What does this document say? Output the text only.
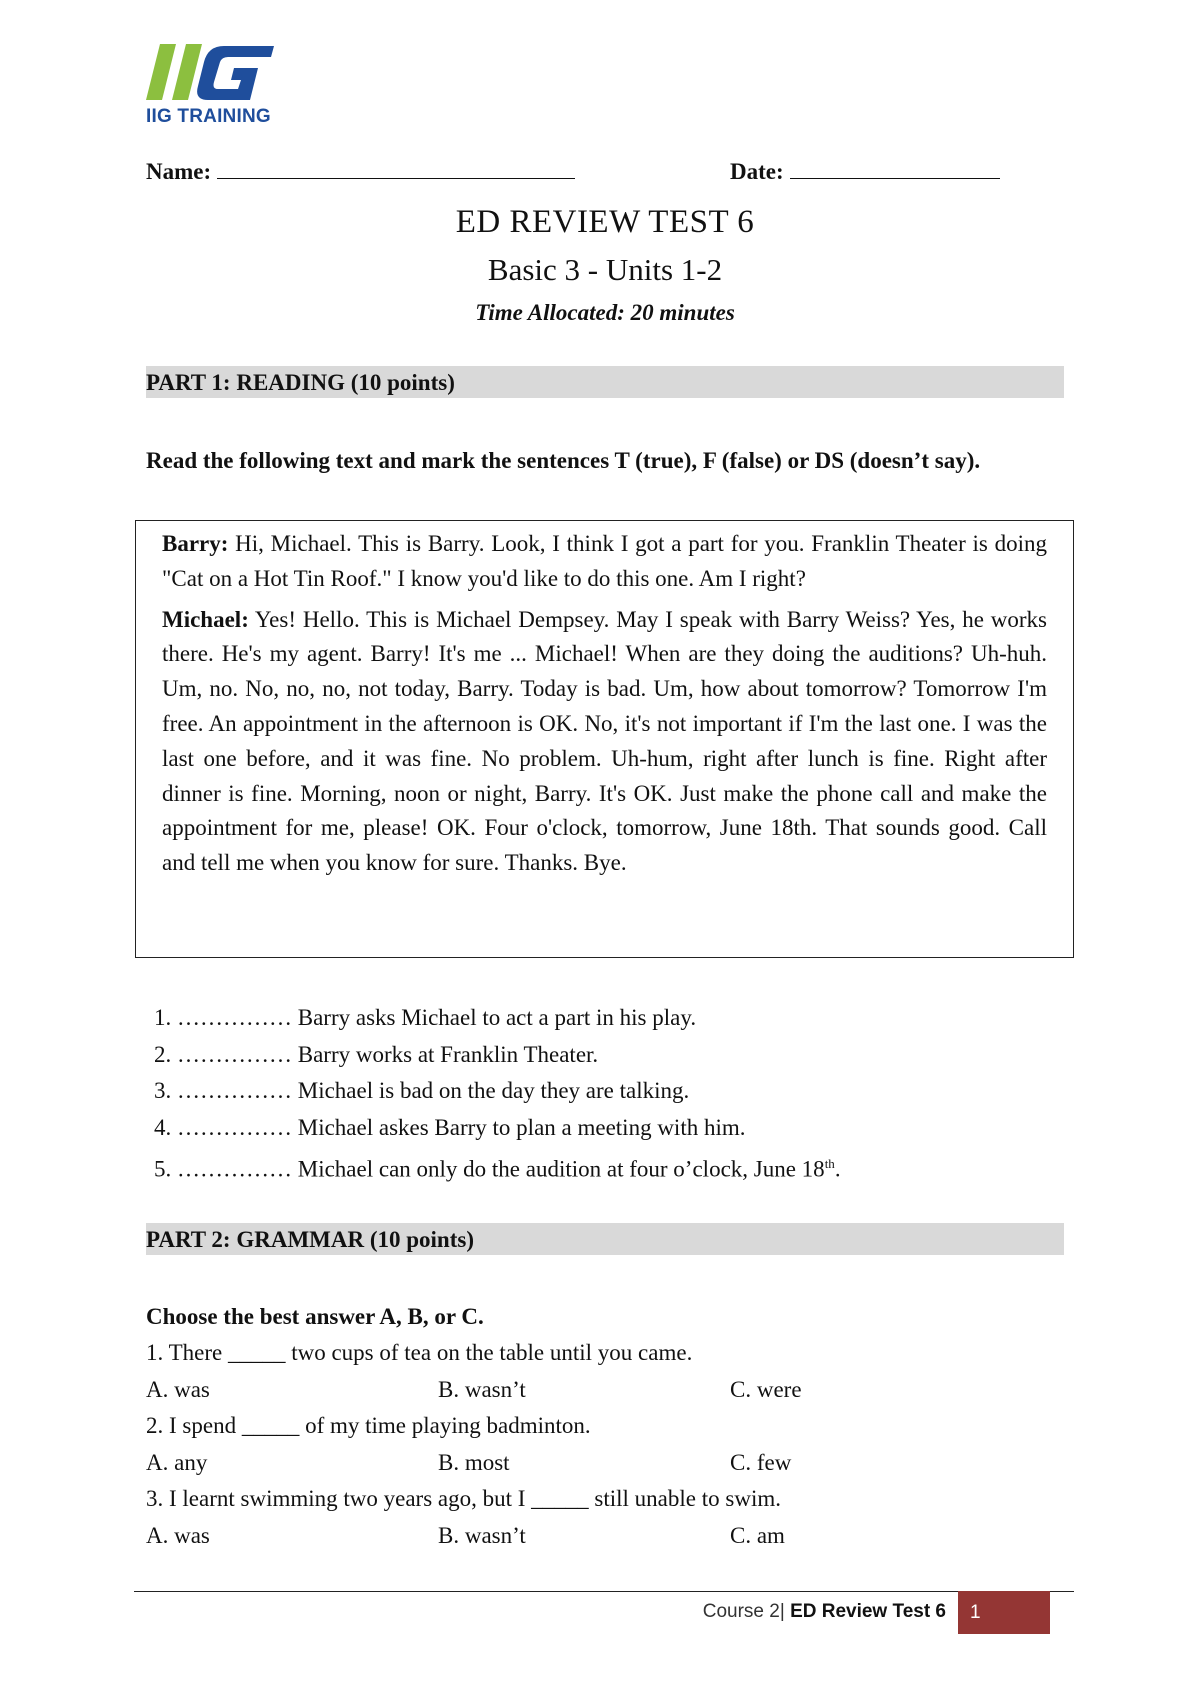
IIG TRAINING
Name:	Date:
ED REVIEW TEST 6
Basic 3 - Units 1-2
Time Allocated: 20 minutes
PART 1: READING (10 points)
Read the following text and mark the sentences T (true), F (false) or DS (doesn’t say).

Barry: Hi, Michael. This is Barry. Look, I think I got a part for you. Franklin Theater is doing "Cat on a Hot Tin Roof." I know you'd like to do this one. Am I right?

Michael: Yes! Hello. This is Michael Dempsey. May I speak with Barry Weiss? Yes, he works there. He's my agent. Barry! It's me ... Michael! When are they doing the auditions? Uh-huh. Um, no. No, no, no, not today, Barry. Today is bad. Um, how about tomorrow? Tomorrow I'm free. An appointment in the afternoon is OK. No, it's not important if I'm the last one. I was the last one before, and it was fine. No problem. Uh-hum, right after lunch is fine. Right after dinner is fine. Morning, noon or night, Barry. It's OK. Just make the phone call and make the appointment for me, please! OK. Four o'clock, tomorrow, June 18th. That sounds good. Call and tell me when you know for sure. Thanks. Bye.

1. …………… Barry asks Michael to act a part in his play.
2. …………… Barry works at Franklin Theater.
3. …………… Michael is bad on the day they are talking.
4. …………… Michael askes Barry to plan a meeting with him.
5. …………… Michael can only do the audition at four o’clock, June 18th.
PART 2: GRAMMAR (10 points)
Choose the best answer A, B, or C.
1. There _____ two cups of tea on the table until you came.
A. was	B. wasn’t	C. were
2. I spend _____ of my time playing badminton.
A. any	B. most	C. few
3. I learnt swimming two years ago, but I _____ still unable to swim.
A. was	B. wasn’t	C. am
Course 2| ED Review Test 6	1
